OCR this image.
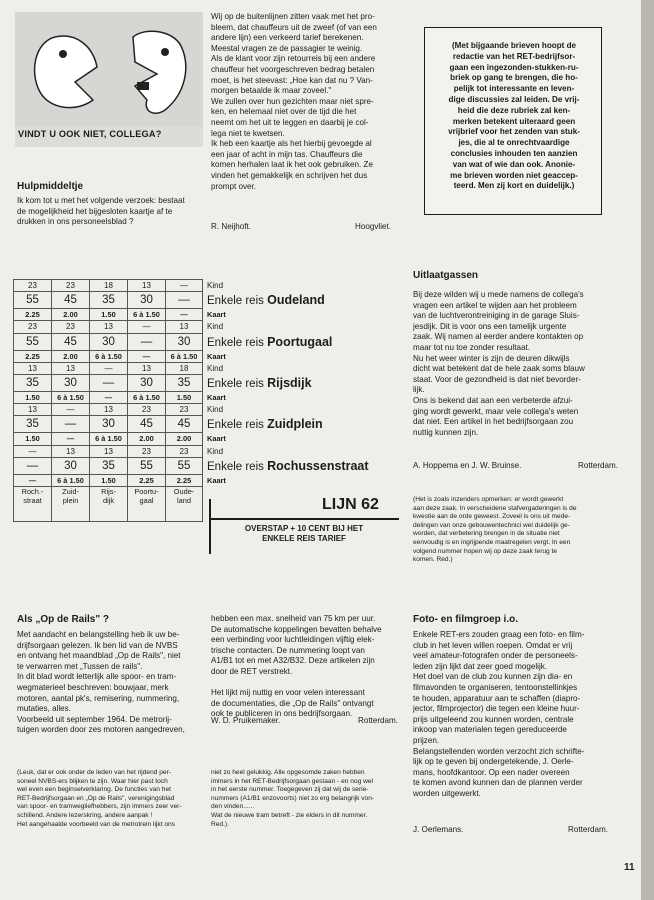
VINDT U OOK NIET, COLLEGA?
Hulpmiddeltje

Ik kom tot u met het volgende verzoek: bestaat
de mogelijkheid het bijgesloten kaartje af te
drukken in ons personeelsblad ?

Wij op de buitenlijnen zitten vaak met het pro-
bleem, dat chauffeurs uit de zweef (of van een
andere lijn) een verkeerd tarief berekenen.
Meestal vragen ze de passagier te weinig.
Als de klant voor zijn retourreis bij een andere
chauffeur het voorgeschreven bedrag betalen
moet, is het steevast: „Hoe kan dat nu ? Van-
morgen betaalde ik maar zoveel."
We zullen over hun gezichten maar niet spre-
ken, en helemaal niet over de tijd die het
neemt om het uit te leggen en daarbij je col-
lega niet te kwetsen.
Ik heb een kaartje als het hierbij gevoegde al
een jaar of acht in mijn tas. Chauffeurs die
komen herhalen laat ik het ook gebruiken. Ze
vinden het gemakkelijk en schrijven het dus
prompt over.

R. Neijhoft.	Hoogvliet.
(Met bijgaande brieven hoopt de
redactie van het RET-bedrijfsor-
gaan een ingezonden-stukken-ru-
briek op gang te brengen, die ho-
pelijk tot interessante en leven-
dige discussies zal leiden. De vrij-
heid die deze rubriek zal ken-
merken betekent uiteraard geen
vrijbrief voor het zenden van stuk-
jes, die al te onrechtvaardige
conclusies inhouden ten aanzien
van wat of wie dan ook. Anonie-
me brieven worden niet geaccep-
teerd. Men zij kort en duidelijk.)
23	23	18	13	—	Kind
55	45	35	30	—	Enkele reis Oudeland
2.25	2.00	1.50	6 à 1.50	—	Kaart
23	23	13	—	13	Kind
55	45	30	—	30	Enkele reis Poortugaal
2.25	2.00	6 à 1.50	—	6 à 1.50	Kaart
13	13	—	13	18	Kind
35	30	—	30	35	Enkele reis Rijsdijk
1.50	6 à 1.50	—	6 à 1.50	1.50	Kaart
13	—	13	23	23	Kind
35	—	30	45	45	Enkele reis Zuidplein
1.50	—	6 à 1.50	2.00	2.00	Kaart
—	13	13	23	23	Kind
—	30	35	55	55	Enkele reis Rochussenstraat
—	6 à 1.50	1.50	2.25	2.25	Kaart
Roch.-
straat	Zuid-
plein	Rijs-
dijk	Poortu-
gaal	Oude-
land		LIJN 62
OVERSTAP + 10 CENT BIJ HET
ENKELE REIS TARIEF
Uitlaatgassen

Bij deze wilden wij u mede namens de collega's
vragen een artikel te wijden aan het probleem
van de luchtverontreiniging in de garage Sluis-
jesdijk. Dit is voor ons een tamelijk urgente
zaak. Wij namen al eerder andere kontakten op
maar tot nu toe zonder resultaat.
Nu het weer winter is zijn de deuren dikwijls
dicht wat betekent dat de hele zaak soms blauw
staat. Voor de gezondheid is dat niet bevorder-
lijk.
Ons is bekend dat aan een verbeterde afzui-
ging wordt gewerkt, maar vele collega's weten
dat niet. Een artikel in het bedrijfsorgaan zou
nuttig kunnen zijn.

A. Hoppema en J. W. Bruinse.	Rotterdam.

(Het is zoals inzenders opmerken: er wordt gewerkt
aan deze zaak. In verscheidene stafvergaderingen is de
kwestie aan de orde geweest. Zoveel is ons uit mede-
delingen van onze gebouwentechnici wel duidelijk ge-
worden, dat verbetering brengen in de situatie niet
eenvoudig is en ingrijpende maatregelen vergt. In een
volgend nummer hopen wij op deze zaak terug te
komen. Red.)

Als „Op de Rails" ?

Met aandacht en belangstelling heb ik uw be-
drijfsorgaan gelezen. Ik ben lid van de NVBS
en ontvang het maandblad „Op de Rails", niet
te verwarren met „Tussen de rails".
In dit blad wordt letterlijk alle spoor- en tram-
wegmaterieel beschreven: bouwjaar, merk
motoren, aantal pk's, remisering, nummering,
mutaties, alles.
Voorbeeld uit september 1964. De metrorij-
tuigen worden door zes motoren aangedreven,

hebben een max. snelheid van 75 km per uur.
De automatische koppelingen bevatten behalve
een verbinding voor luchtleidingen vijftig elek-
trische contacten. De nummering loopt van
A1/B1 tot en met A32/B32. Deze artikelen zijn
door de RET verstrekt.

Het lijkt mij nuttig en voor velen interessant
de documentaties, die „Op de Rails" ontvangt
ook te publiceren in ons bedrijfsorgaan.

W. D. Pruikemaker.	Rotterdam.

(Leuk, dat er ook onder de leden van het rijdend per-
soneel NVBS-ers blijken te zijn. Waar hier past toch
wel even een beginselverklaring. De functies van het
RET-Bedrijfsorgaan en „Op de Rails", verenigingsblad
van spoor- en tramwegliefhebbers, zijn immers zeer ver-
schillend. Andere lezerskring, andere aanpak !
Het aangehaalde voorbeeld van de metrotrein lijkt ons

niet zo heel gelukkig. Alle opgesomde zaken hebben
immers in het RET-Bedrijfsorgaan gestaan - en nog wel
in het eerste nummer. Toegegeven zij dat wij de serie-
nummers (A1/B1 enzovoorts) niet zo erg belangrijk von-
den vinden......
Wat de nieuwe tram betreft - zie elders in dit nummer.
Red.).

Foto- en filmgroep i.o.

Enkele RET-ers zouden graag een foto- en film-
club in het leven willen roepen. Omdat er vrij
veel amateur-fotografen onder de personeels-
leden zijn lijkt dat zeer goed mogelijk.
Het doel van de club zou kunnen zijn dia- en
filmavonden te organiseren, tentoonstellinkjes
te houden, apparatuur aan te schaffen (diapro-
jector, filmprojector) die tegen een kleine huur-
prijs uitgeleend zou kunnen worden, centrale
inkoop van materialen tegen gereduceerde
prijzen.
Belangstellenden worden verzocht zich schrifte-
lijk op te geven bij ondergetekende, J. Oerle-
mans, hoofdkantoor. Op een nader overeen
te komen avond kunnen dan de plannen verder
worden uitgewerkt.

J. Oerlemans.	Rotterdam.
11
